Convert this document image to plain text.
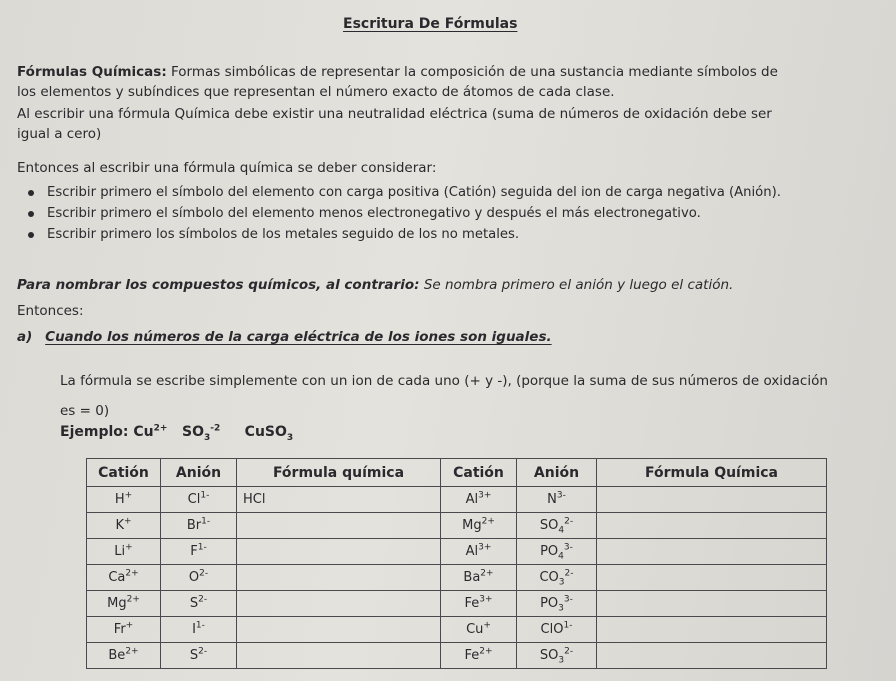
Escritura De Fórmulas
Fórmulas Químicas: Formas simbólicas de representar la composición de una sustancia mediante símbolos de
los elementos y subíndices que representan el número exacto de átomos de cada clase.
Al escribir una fórmula Química debe existir una neutralidad eléctrica (suma de números de oxidación debe ser
igual a cero)
Entonces al escribir una fórmula química se deber considerar:
Escribir primero el símbolo del elemento con carga positiva (Catión) seguida del ion de carga negativa (Anión).
Escribir primero el símbolo del elemento menos electronegativo y después el más electronegativo.
Escribir primero los símbolos de los metales seguido de los no metales.
Para nombrar los compuestos químicos, al contrario: Se nombra primero el anión y luego el catión.
Entonces:
a) Cuando los números de la carga eléctrica de los iones son iguales.
La fórmula se escribe simplemente con un ion de cada uno (+ y -), (porque la suma de sus números de oxidación
es = 0)
Ejemplo: $Cu^{2+}$ $SO_3^{-2}$ CuSO$_3$
Catión	Anión	Fórmula química	Catión	Anión	Fórmula Química
H+	$Cl^{1-}$	HCl	$Al^{3+}$	$N^{3-}$	
K+	$Br^{1-}$		$Mg^{2+}$	$SO_4^{2-}$	
Li+	$F^{1-}$		$Al^{3+}$	$PO_4^{3-}$	
$Ca^{2+}$	$O^{2-}$		$Ba^{2+}$	$CO_3^{2-}$	
$Mg^{2+}$	$S^{2-}$		$Fe^{3+}$	$PO_3^{3-}$	
Fr+	$I^{1-}$		Cu+	ClO$^{1-}$	
$Be^{2+}$	$S^{2-}$		$Fe^{2+}$	$SO_3^{2-}$	
